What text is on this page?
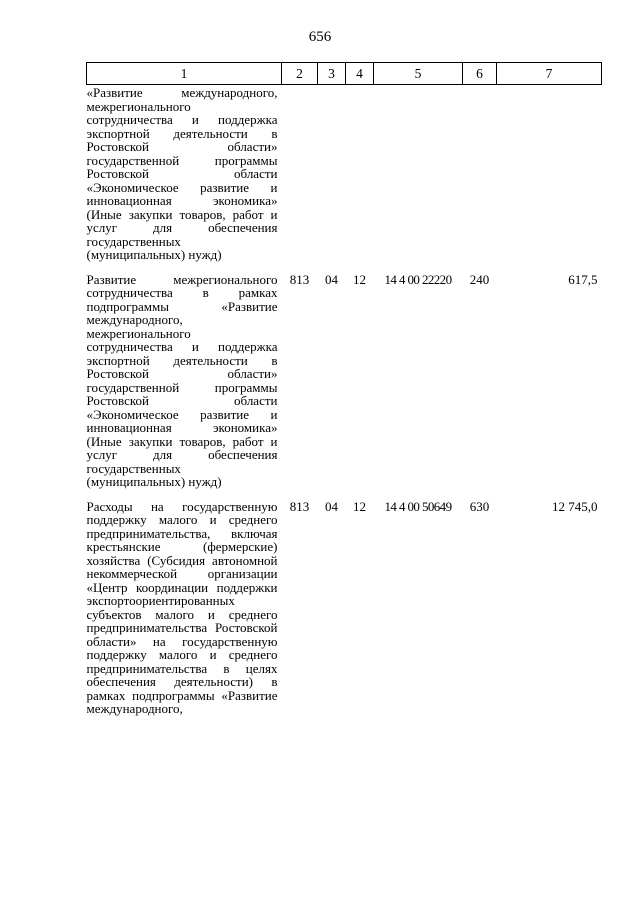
656
1	2	3	4	5	6	7
«Развитие международного, межрегионального сотрудничества и поддержка экспортной деятельности в Ростовской области» государственной программы Ростовской области «Экономическое развитие и инновационная экономика» (Иные закупки товаров, работ и услуг для обеспечения государственных (муниципальных) нужд)						

Развитие межрегионального сотрудничества в рамках подпрограммы «Развитие международного, межрегионального сотрудничества и поддержка экспортной деятельности в Ростовской области» государственной программы Ростовской области «Экономическое развитие и инновационная экономика» (Иные закупки товаров, работ и услуг для обеспечения государственных (муниципальных) нужд)	813	04	12	14 4 00 22220	240	617,5

Расходы на государственную поддержку малого и среднего предпринимательства, включая крестьянские (фермерские) хозяйства (Субсидия автономной некоммерческой организации «Центр координации поддержки экспортоориентированных субъектов малого и среднего предпринимательства Ростовской области» на государственную поддержку малого и среднего предпринимательства в целях обеспечения деятельности) в рамках подпрограммы «Развитие международного,	813	04	12	14 4 00 50649	630	12 745,0
